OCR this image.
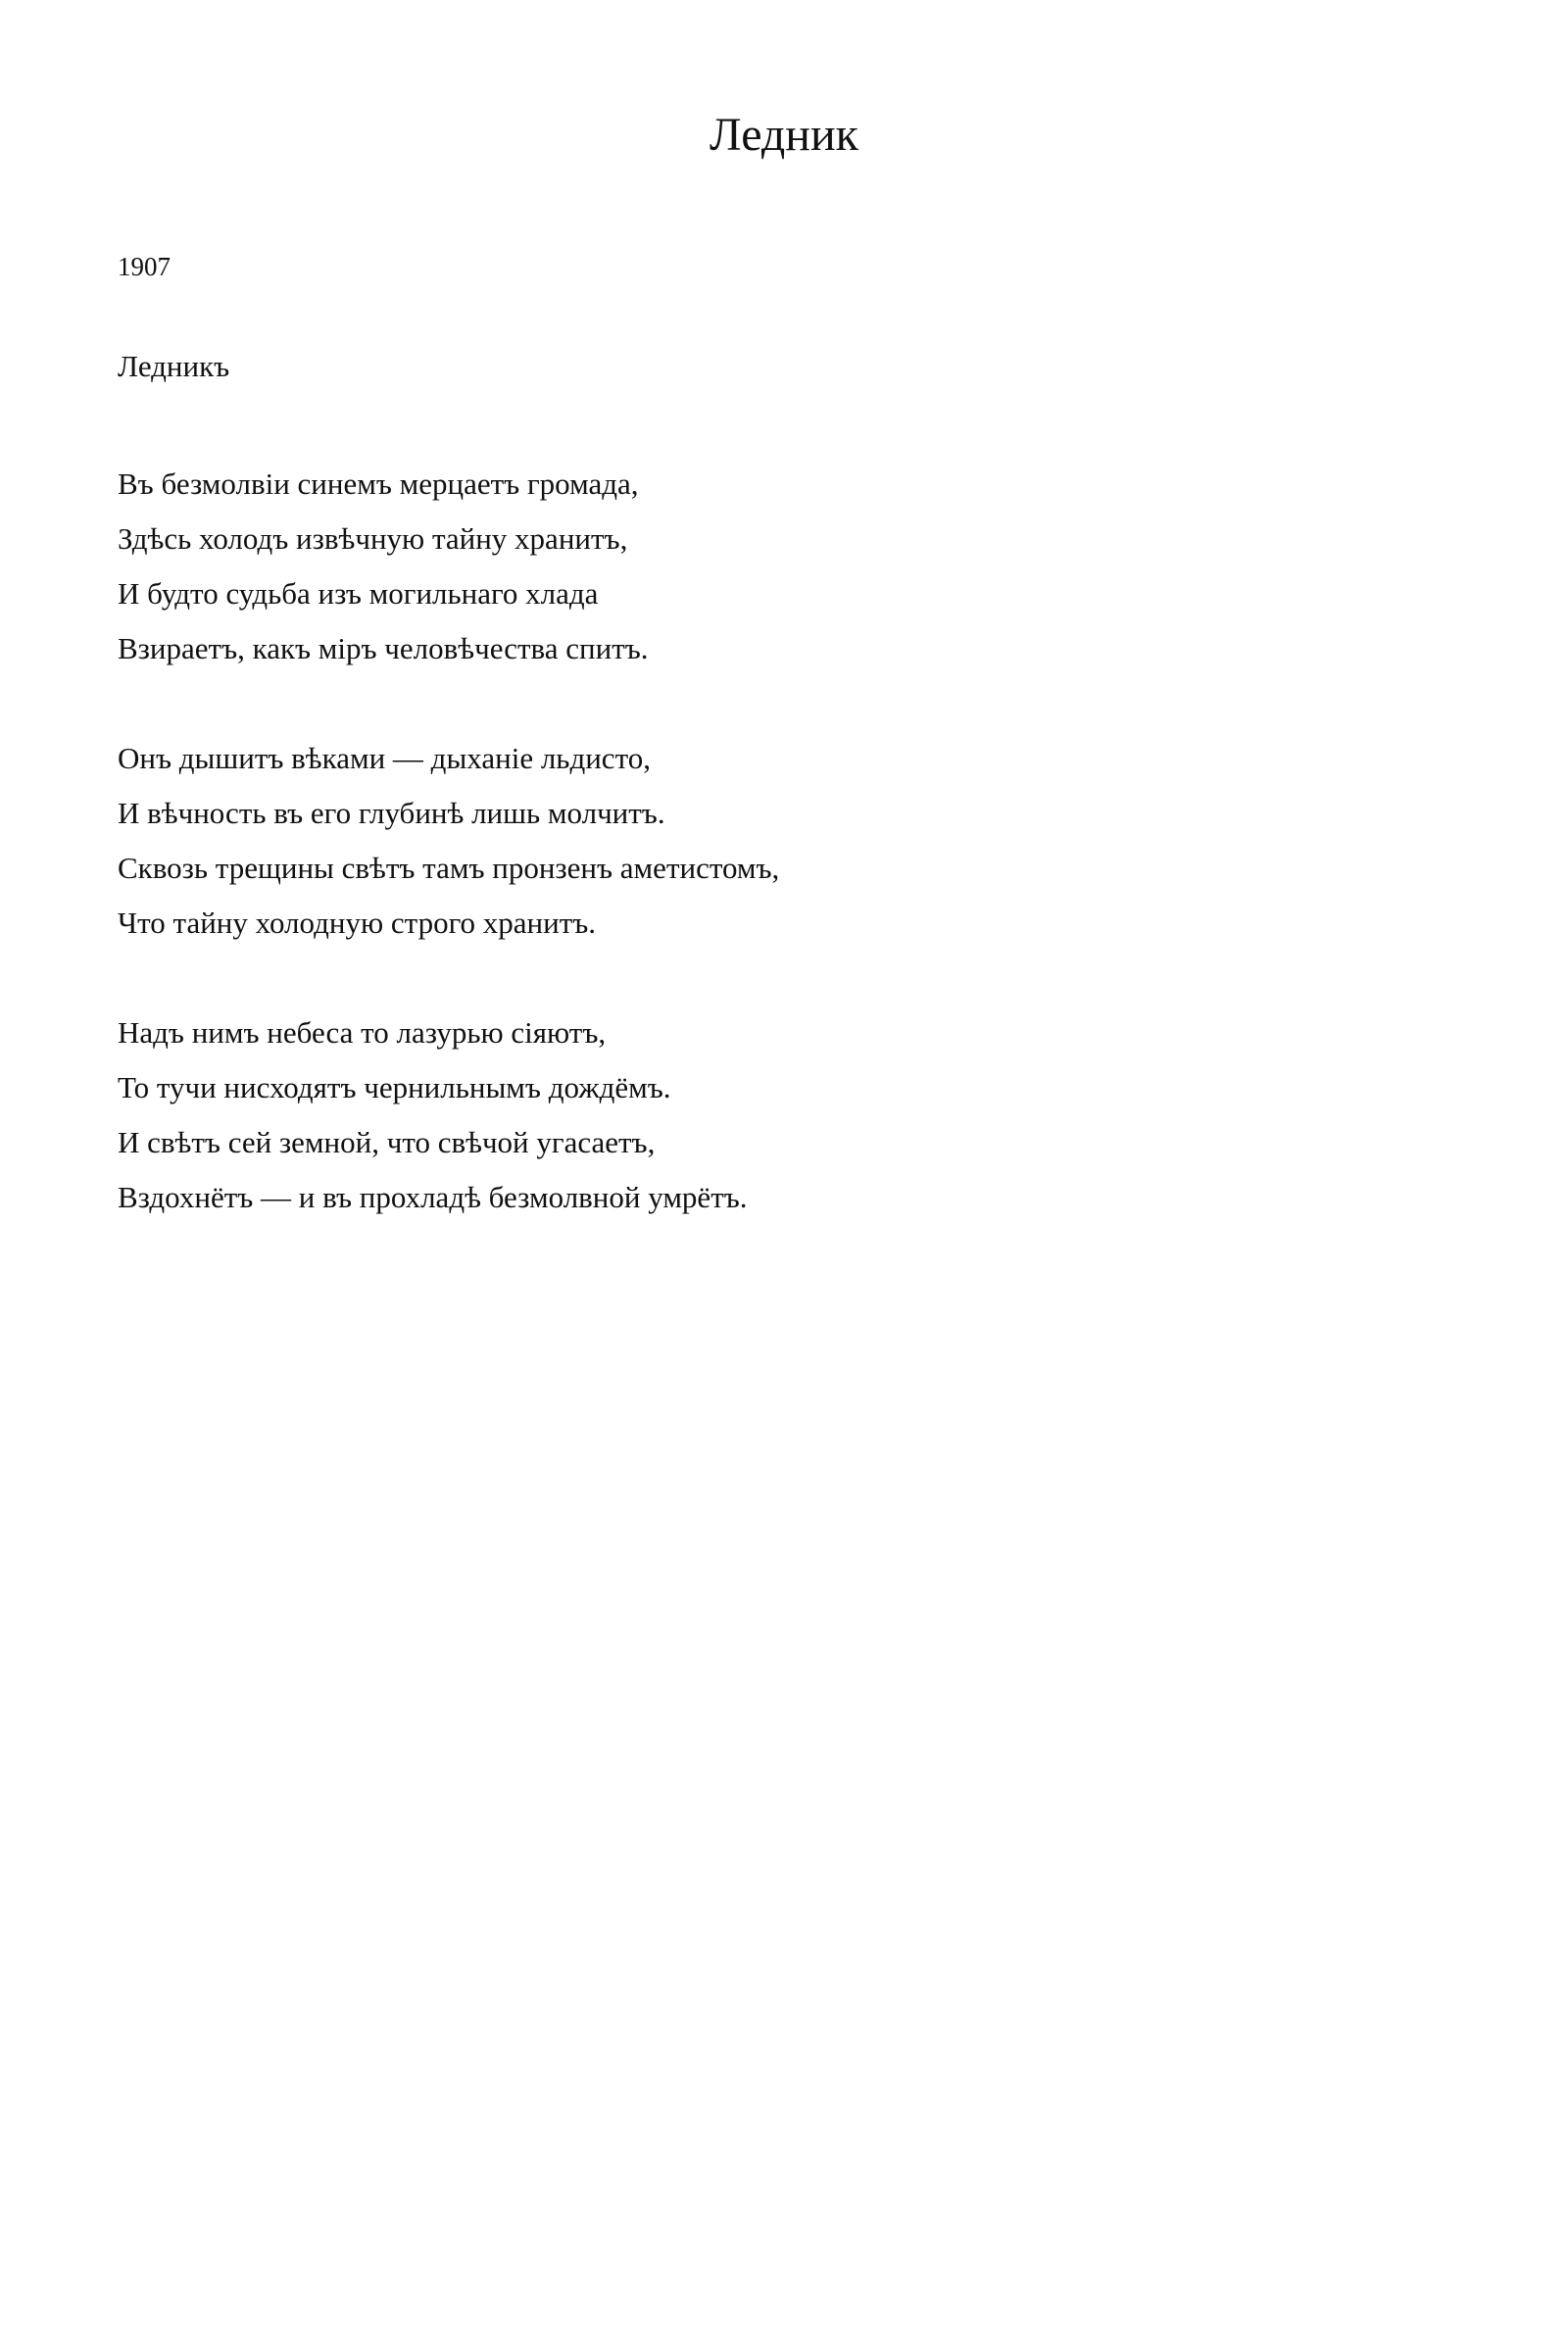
Ледник

1907

Ледникъ

Въ безмолвіи синемъ мерцаетъ громада,
Здѣсь холодъ извѣчную тайну хранитъ,
И будто судьба изъ могильнаго хлада
Взираетъ, какъ міръ человѣчества спитъ.
Онъ дышитъ вѣками — дыханіе льдисто,
И вѣчность въ его глубинѣ лишь молчитъ.
Сквозь трещины свѣтъ тамъ пронзенъ аметистомъ,
Что тайну холодную строго хранитъ.
Надъ нимъ небеса то лазурью сіяютъ,
То тучи нисходятъ чернильнымъ дождёмъ.
И свѣтъ сей земной, что свѣчой угасаетъ,
Вздохнётъ — и въ прохладѣ безмолвной умрётъ.
